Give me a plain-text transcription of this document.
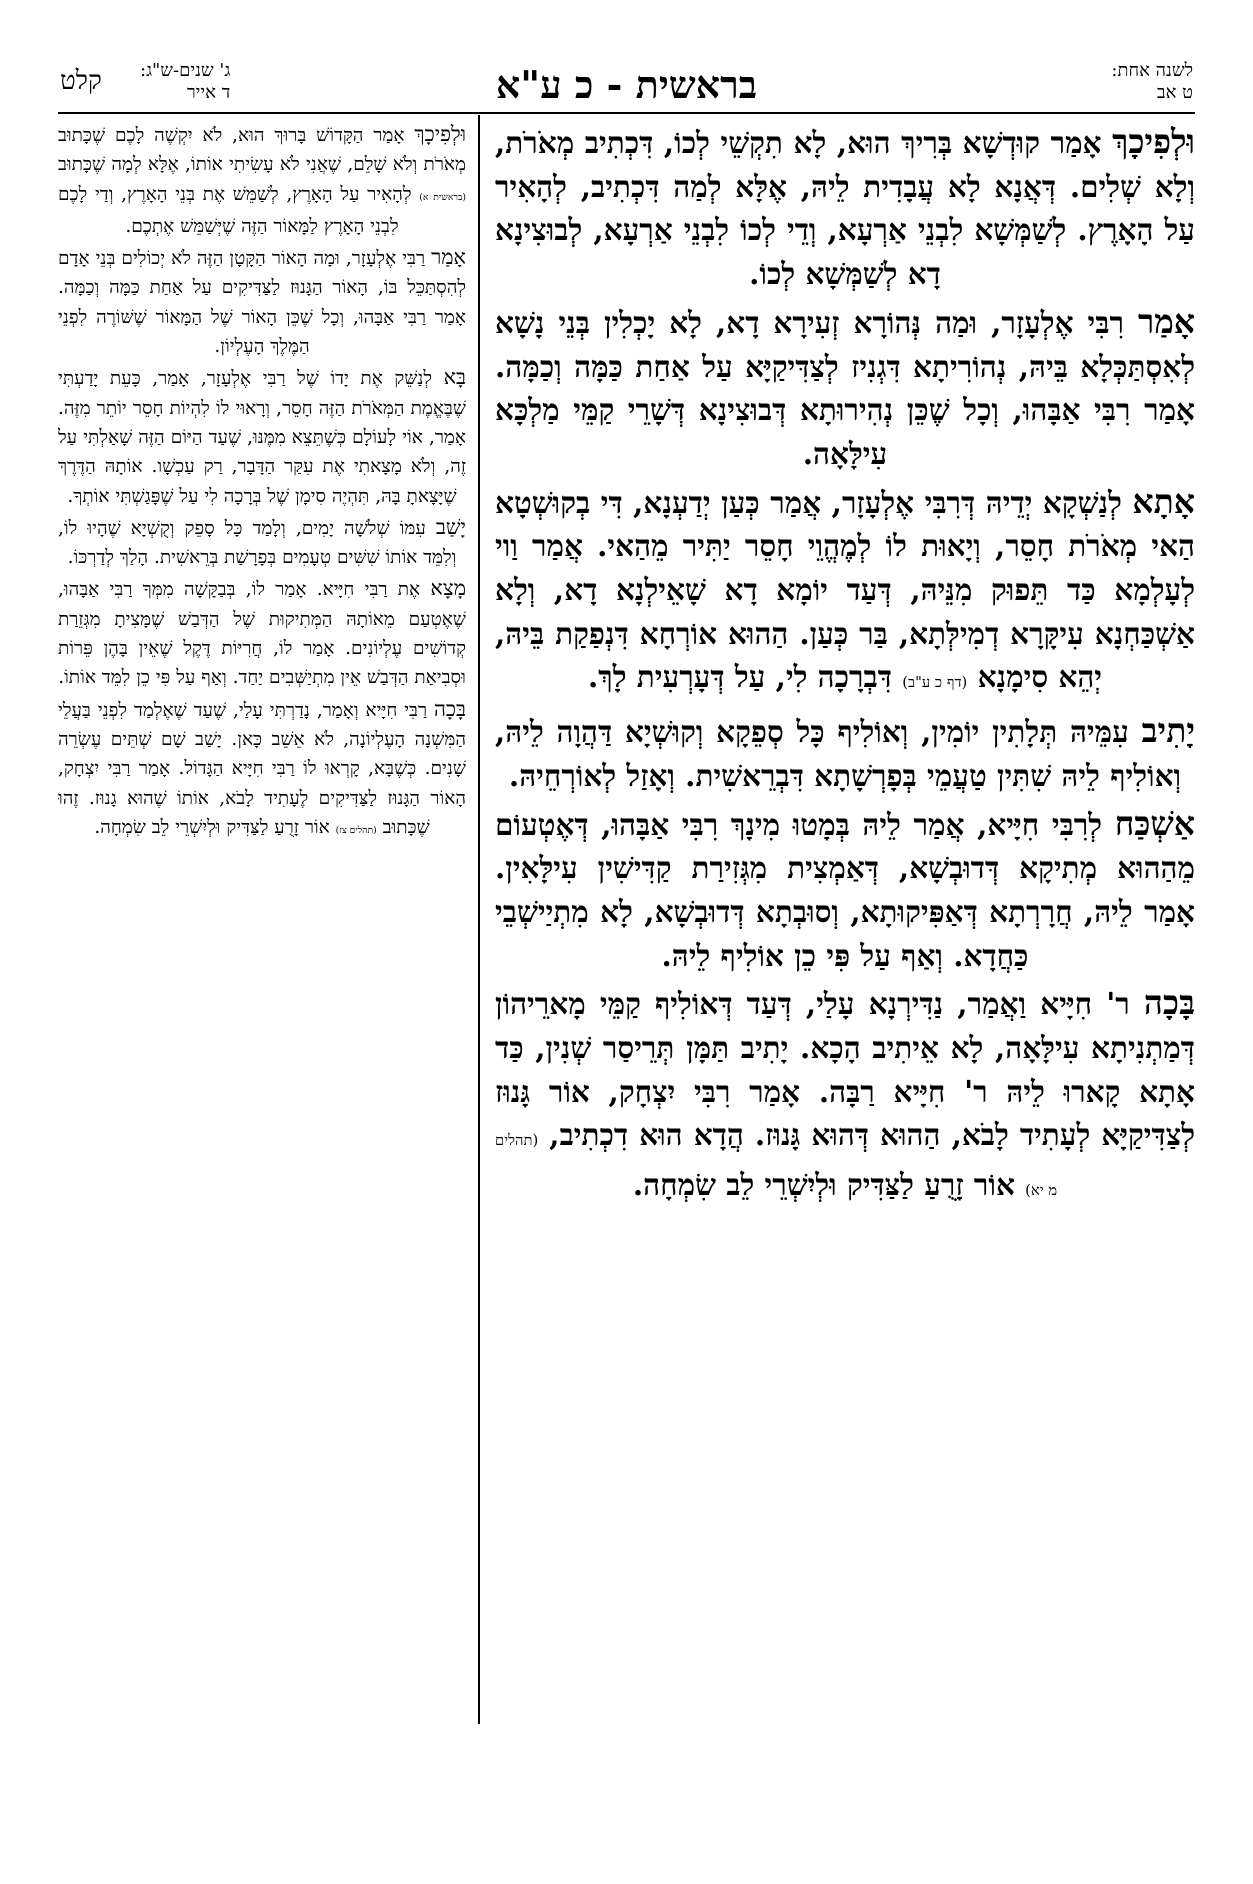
לשנה אחת:
ט אב
בראשית - כ ע"א
ג' שנים-ש"ג:
ד אייר
קלט

וּלְפִיכָךְ אָמַר קוּדְשָׁא בְּרִיךְ הוּא, לָא תִקְשֵׁי לְכוֹ, דִּכְתִיב מְאֹרֹת, וְלָא שְׁלִים. דְּאֲנָא לָא עֲבָדִית לֵיהּ, אֶלָּא לְמַה דִּכְתִיב, לְהָאִיר עַל הָאָרֶץ. לְשַׁמְּשָׁא לִבְנֵי אַרְעָא, וְדֵי לְכוֹ לִבְנֵי אַרְעָא, לְבוּצִינָא דָא לְשַׁמְּשָׁא לְכוֹ.

אָמַר רִבִּי אֶלְעָזָר, וּמַה נְּהוֹרָא זְעִירָא דָא, לָא יָכְלִין בְּנֵי נָשָׁא לְאִסְתַּכְּלָא בֵּיהּ, נְהוֹרִיתָא דִּגְנִיז לְצַדִּיקַיָּא עַל אַחַת כַּמָּה וְכַמָּה. אָמַר רִבִּי אַבָּהוּ, וְכָל שֶׁכֵּן נְהִירוּתָא דְּבוּצִינָא דְּשָׁרֵי קַמֵּי מַלְכָּא עִילָּאָה.

אָתָא לְנַשְׁקָא יְדֵיהּ דְּרִבִּי אֶלְעָזָר, אֲמַר כְּעַן יְדַעְנָא, דִּי בְקוּשְׁטָא הַאי מְאֹרֹת חָסֵר, וְיָאוּת לוֹ לְמֶהֱוֵי חָסֵר יַתִּיר מֵהַאי. אֲמַר וַוי לְעָלְמָא כַּד תֵּפוּק מִנֵּיהּ, דְּעַד יוֹמָא דָא שָׁאֵילְנָא דָא, וְלָא אַשְׁכַּחְנָא עִיקָּרָא דְמִילְּתָא, בַּר כְּעַן. הַהוּא אוֹרְחָא דִּנְפַקַת בֵּיהּ, יְהֵא סִימָנָא (דף כ ע"ב) דִּבְרָכָה לִי, עַל דְּעָרְעִית לָךְ.

יָתִיב עִמֵּיהּ תְּלָתִין יוֹמִין, וְאוֹלִיף כָּל סְפֵקָא וְקוּשְׁיָא דַּהֲוָה לֵיהּ, וְאוֹלִיף לֵיהּ שִׁתִּין טַעֲמֵי בְּפָרְשָׁתָא דִּבְרֵאשִׁית. וְאָזַל לְאוֹרְחֵיהּ.

אַשְׁכַּח לְרִבִּי חִיָּיא, אֲמַר לֵיהּ בְּמָטוּ מִינָךְ רִבִּי אַבָּהוּ, דְּאֶטְעוֹם מֵהַהוּא מְתִיקָא דְּדוּבְשָׁא, דְּאַמְצִית מִגְּזִירַת קַדִּישִׁין עִילָּאִין. אָמַר לֵיהּ, חֲרָרְתָא דְּאַפִּיקוּתָא, וְסוּבְתָא דְּדוּבְשָׁא, לָא מִתְיַישְׁבֵי כַּחֲדָא. וְאַף עַל פִּי כֵן אוֹלִיף לֵיהּ.

בָּכָה ר' חִיָּיא וַאֲמַר, נַדִּירְנָא עָלַי, דְּעַד דְּאוֹלִיף קַמֵּי מָארֵיהוֹן דְּמַתְנִיתָא עִילָּאָה, לָא אֵיתִיב הָכָא. יָתִיב תַּמָּן תְּרֵיסַר שְׁנִין, כַּד אָתָא קָארוּ לֵיהּ ר' חִיָּיא רַבָּה. אָמַר רִבִּי יִצְחָק, אוֹר גָּנוּז לְצַדִּיקַיָּא לְעָתִיד לָבֹא, הַהוּא דְּהוּא גָּנוּז. הֲדָא הוּא דִכְתִיב, (תהלים מ יא) אוֹר זָרֻעַ לַצַּדִּיק וּלְיִשְׁרֵי לֵב שִׂמְחָה.

וּלְפִיכָךְ אָמַר הַקָּדוֹשׁ בָּרוּךְ הוּא, לֹא יִקְשֶׁה לָכֶם שֶׁכָּתוּב מְאֹרֹת וְלֹא שָׁלֵם, שֶׁאֲנִי לֹא עָשִׂיתִי אוֹתוֹ, אֶלָּא לְמָה שֶׁכָּתוּב (בראשית א) לְהָאִיר עַל הָאָרֶץ, לְשַׁמֵּשׁ אֶת בְּנֵי הָאָרֶץ, וְדַי לָכֶם לִבְנֵי הָאָרֶץ לַמָּאוֹר הַזֶּה שֶׁיְּשַׁמֵּשׁ אֶתְכֶם.

אָמַר רַבִּי אֶלְעָזָר, וּמָה הָאוֹר הַקָּטָן הַזֶּה לֹא יְכוֹלִים בְּנֵי אָדָם לְהִסְתַּכֵּל בּוֹ, הָאוֹר הַגָּנוּז לַצַּדִּיקִים עַל אַחַת כַּמָּה וְכַמָּה. אָמַר רַבִּי אַבָּהוּ, וְכָל שֶׁכֵּן הָאוֹר שֶׁל הַמָּאוֹר שֶׁשּׁוֹרֶה לִפְנֵי הַמֶּלֶךְ הָעֶלְיוֹן.

בָּא לְנַשֵּׁק אֶת יָדוֹ שֶׁל רַבִּי אֶלְעָזָר, אָמַר, כָּעֵת יָדַעְתִּי שֶׁבֶּאֱמֶת הַמְּאֹרֹת הַזֶּה חָסֵר, וְרָאוּי לוֹ לִהְיוֹת חָסֵר יוֹתֵר מִזֶּה. אָמַר, אוֹי לָעוֹלָם כְּשֶׁתֵּצֵא מִמֶּנּוּ, שֶׁעַד הַיּוֹם הַזֶּה שָׁאַלְתִּי עַל זֶה, וְלֹא מָצָאתִי אֶת עִקַּר הַדָּבָר, רַק עַכְשָׁו. אוֹתָהּ הַדֶּרֶךְ שֶׁיָּצָאתָ בָּהּ, תִּהְיֶה סִימָן שֶׁל בְּרָכָה לִי עַל שֶׁפָּגַשְׁתִּי אוֹתְךָ.

יָשַׁב עִמּוֹ שְׁלֹשָׁה יָמִים, וְלָמַד כָּל סָפֵק וְקֻשְׁיָא שֶׁהָיוּ לוֹ, וְלִמֵּד אוֹתוֹ שִׁשִּׁים טְעָמִים בְּפָרָשַׁת בְּרֵאשִׁית. הָלַךְ לְדַרְכּוֹ.

מָצָא אֶת רַבִּי חִיָּיא. אָמַר לוֹ, בְּבַקָּשָׁה מִמְּךָ רַבִּי אַבָּהוּ, שֶׁאֶטְעַם מֵאוֹתָהּ הַמְּתִיקוּת שֶׁל הַדְּבַשׁ שֶׁמָּצִיתָ מִגְּזֵרַת קְדוֹשִׁים עֶלְיוֹנִים. אָמַר לוֹ, חֲרִיּוֹת דֶּקֶל שֶׁאֵין בָּהֶן פֵּרוֹת וּסְבִיאַת הַדְּבַשׁ אֵין מִתְיַשְּׁבִים יַחַד. וְאַף עַל פִּי כֵן לִמֵּד אוֹתוֹ.

בָּכָה רַבִּי חִיָּיא וְאָמַר, נָדַרְתִּי עָלַי, שֶׁעַד שֶׁאֶלְמַד לִפְנֵי בַּעֲלֵי הַמִּשְׁנָה הָעֶלְיוֹנָה, לֹא אֵשֵׁב כָּאן. יָשַׁב שָׁם שְׁתֵּים עֶשְׂרֵה שָׁנִים. כְּשֶׁבָּא, קָרְאוּ לוֹ רַבִּי חִיָּיא הַגָּדוֹל. אָמַר רַבִּי יִצְחָק, הָאוֹר הַגָּנוּז לַצַּדִּיקִים לֶעָתִיד לָבֹא, אוֹתוֹ שֶׁהוּא גָנוּז. זֶהוּ שֶׁכָּתוּב (תהלים צז) אוֹר זָרֻעַ לַצַּדִּיק וּלְיִשְׁרֵי לֵב שִׂמְחָה.
